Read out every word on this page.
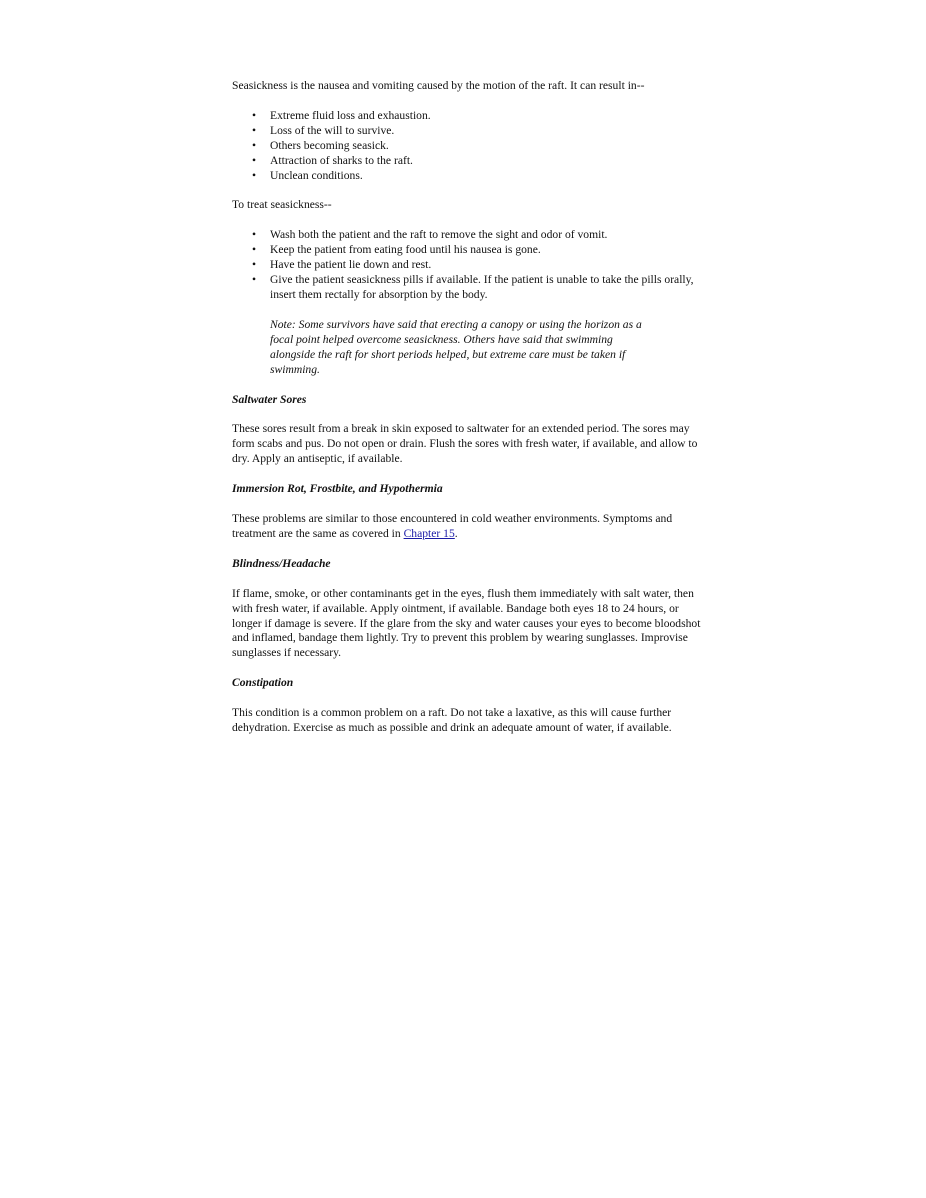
Seasickness is the nausea and vomiting caused by the motion of the raft. It can result in--

• Extreme fluid loss and exhaustion.
• Loss of the will to survive.
• Others becoming seasick.
• Attraction of sharks to the raft.
• Unclean conditions.

To treat seasickness--

• Wash both the patient and the raft to remove the sight and odor of vomit.
• Keep the patient from eating food until his nausea is gone.
• Have the patient lie down and rest.
• Give the patient seasickness pills if available. If the patient is unable to take the pills orally, insert them rectally for absorption by the body.

Note: Some survivors have said that erecting a canopy or using the horizon as a focal point helped overcome seasickness. Others have said that swimming alongside the raft for short periods helped, but extreme care must be taken if swimming.

Saltwater Sores

These sores result from a break in skin exposed to saltwater for an extended period. The sores may form scabs and pus. Do not open or drain. Flush the sores with fresh water, if available, and allow to dry. Apply an antiseptic, if available.

Immersion Rot, Frostbite, and Hypothermia

These problems are similar to those encountered in cold weather environments. Symptoms and treatment are the same as covered in Chapter 15.

Blindness/Headache

If flame, smoke, or other contaminants get in the eyes, flush them immediately with salt water, then with fresh water, if available. Apply ointment, if available. Bandage both eyes 18 to 24 hours, or longer if damage is severe. If the glare from the sky and water causes your eyes to become bloodshot and inflamed, bandage them lightly. Try to prevent this problem by wearing sunglasses. Improvise sunglasses if necessary.

Constipation

This condition is a common problem on a raft. Do not take a laxative, as this will cause further dehydration. Exercise as much as possible and drink an adequate amount of water, if available.
